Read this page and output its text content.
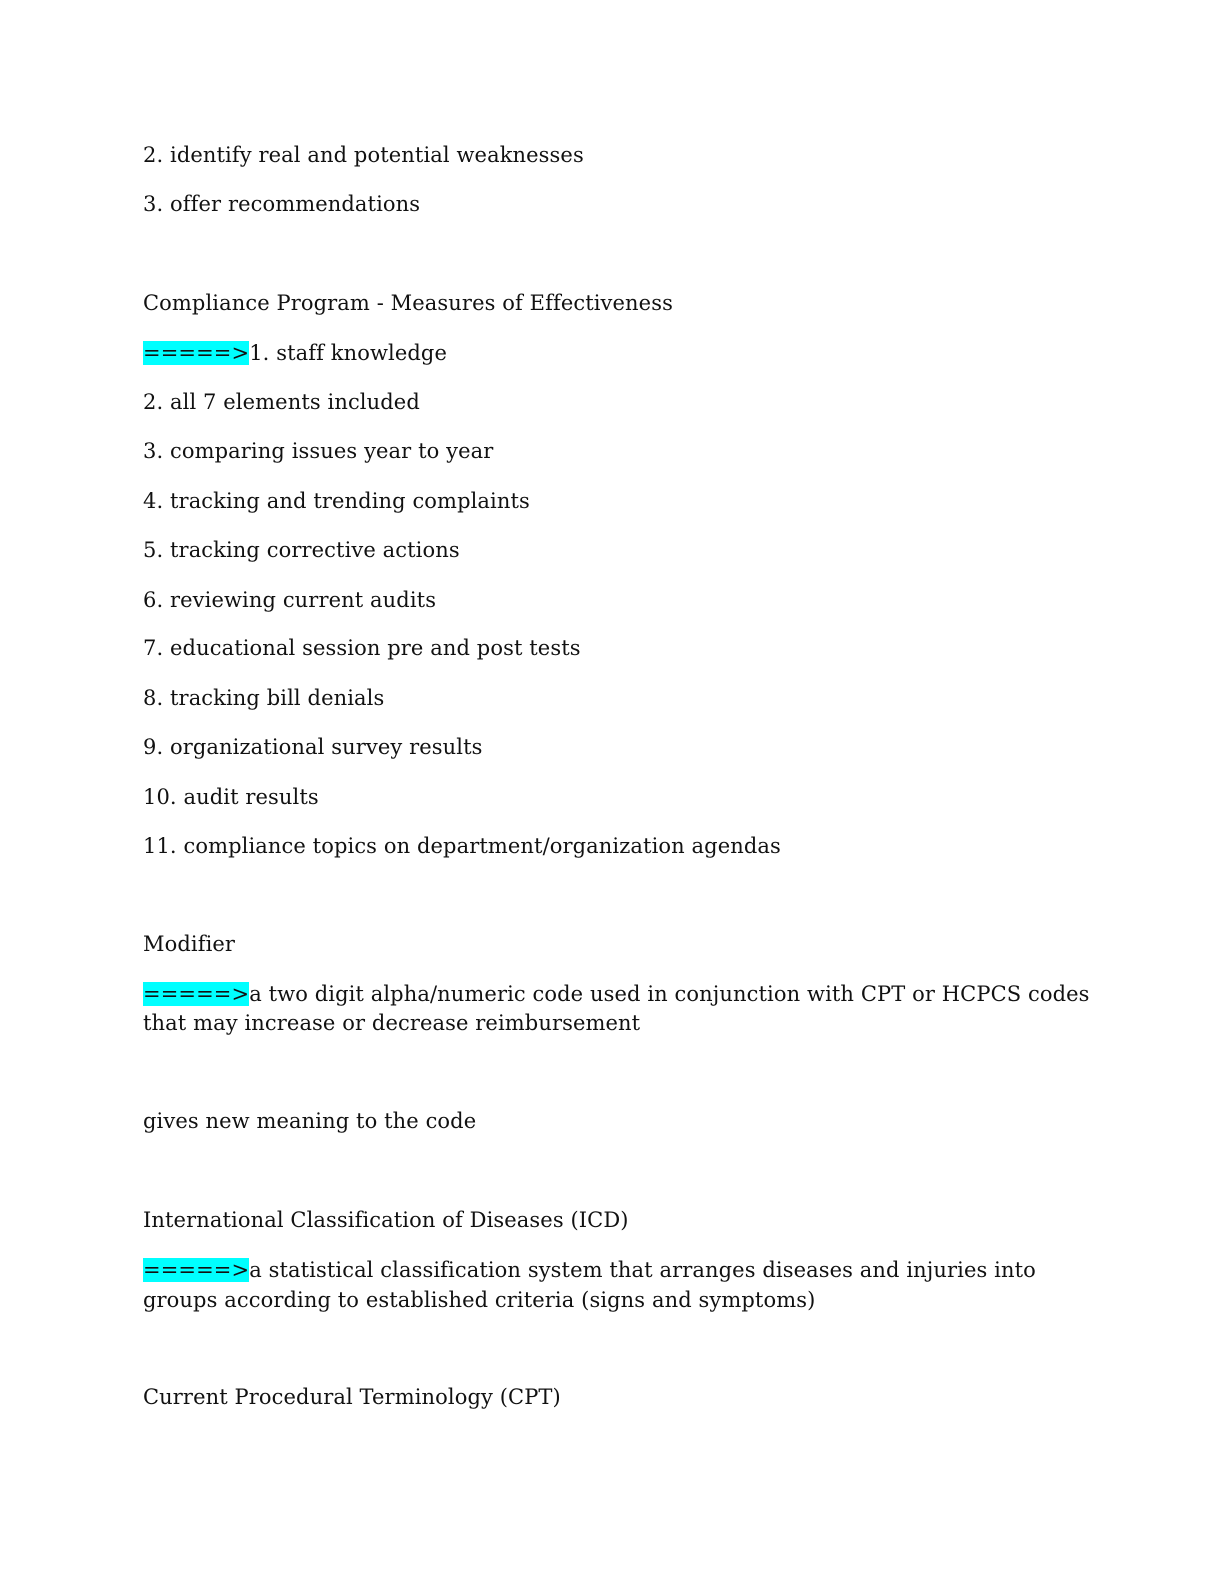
2. identify real and potential weaknesses
3. offer recommendations
Compliance Program - Measures of Effectiveness
=====>1. staff knowledge
2. all 7 elements included
3. comparing issues year to year
4. tracking and trending complaints
5. tracking corrective actions
6. reviewing current audits
7. educational session pre and post tests
8. tracking bill denials
9. organizational survey results
10. audit results
11. compliance topics on department/organization agendas
Modifier
=====>a two digit alpha/numeric code used in conjunction with CPT or HCPCS codes
that may increase or decrease reimbursement
gives new meaning to the code
International Classification of Diseases (ICD)
=====>a statistical classification system that arranges diseases and injuries into
groups according to established criteria (signs and symptoms)
Current Procedural Terminology (CPT)
